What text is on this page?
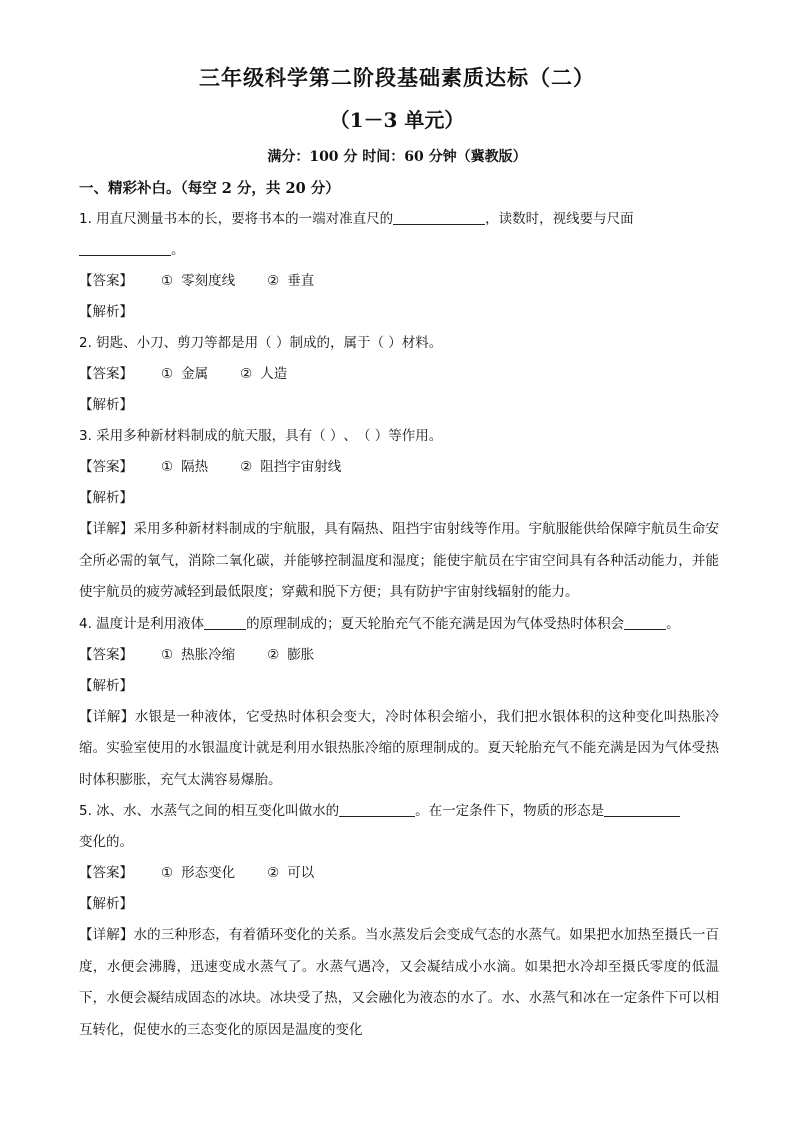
三年级科学第二阶段基础素质达标（二）
（1－3 单元）
满分：100 分 时间：60 分钟（冀教版）
一、精彩补白。（每空 2 分，共 20 分）
1. 用直尺测量书本的长，要将书本的一端对准直尺的	，读数时，视线要与尺面
。
【答案】	① 零刻度线 ② 垂直
【解析】
2. 钥匙、小刀、剪刀等都是用（ ）制成的，属于（ ）材料。
【答案】	① 金属 ② 人造
【解析】
3. 采用多种新材料制成的航天服，具有（ ）、（ ）等作用。
【答案】	① 隔热 ② 阻挡宇宙射线
【解析】
【详解】采用多种新材料制成的宇航服，具有隔热、阻挡宇宙射线等作用。宇航服能供给保障宇航员生命安全所必需的氧气，消除二氧化碳，并能够控制温度和湿度；能使宇航员在宇宙空间具有各种活动能力，并能使宇航员的疲劳减轻到最低限度；穿戴和脱下方便；具有防护宇宙射线辐射的能力。
4. 温度计是利用液体	的原理制成的；夏天轮胎充气不能充满是因为气体受热时体积会	。
【答案】	① 热胀冷缩 ② 膨胀
【解析】
【详解】水银是一种液体，它受热时体积会变大，冷时体积会缩小，我们把水银体积的这种变化叫热胀冷缩。实验室使用的水银温度计就是利用水银热胀冷缩的原理制成的。夏天轮胎充气不能充满是因为气体受热时体积膨胀，充气太满容易爆胎。
5. 冰、水、水蒸气之间的相互变化叫做水的	。在一定条件下，物质的形态是
变化的。
【答案】	① 形态变化 ② 可以
【解析】
【详解】水的三种形态，有着循环变化的关系。当水蒸发后会变成气态的水蒸气。如果把水加热至摄氏一百度，水便会沸腾，迅速变成水蒸气了。水蒸气遇冷，又会凝结成小水滴。如果把水冷却至摄氏零度的低温下，水便会凝结成固态的冰块。冰块受了热，又会融化为液态的水了。水、水蒸气和冰在一定条件下可以相互转化，促使水的三态变化的原因是温度的变化
